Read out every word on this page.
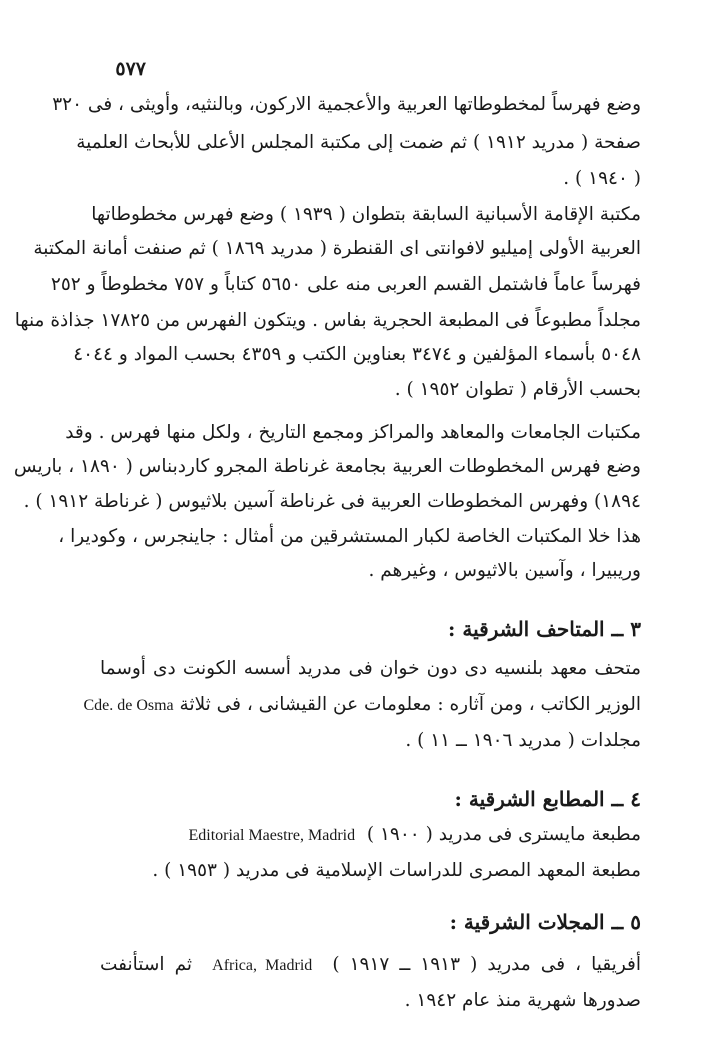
٥٧٧
وضع فهرساً لمخطوطاتها العربية والأعجمية الاركون، وبالنثيه، وأويثى ، فى ٣٢٠
صفحة ( مدريد ١٩١٢ ) ثم ضمت إلى مكتبة المجلس الأعلى للأبحاث العلمية
( ١٩٤٠ ) .
مكتبة الإقامة الأسبانية السابقة بتطوان ( ١٩٣٩ ) وضع فهرس مخطوطاتها
العربية الأولى إميليو لافوانتى اى القنطرة ( مدريد ١٨٦٩ ) ثم صنفت أمانة المكتبة
فهرساً عاماً فاشتمل القسم العربى منه على ٥٦٥٠ كتاباً و ٧٥٧ مخطوطاً و ٢٥٢
مجلداً مطبوعاً فى المطبعة الحجرية بفاس . ويتكون الفهرس من ١٧٨٢٥ جذاذة منها
٥٠٤٨ بأسماء المؤلفين و ٣٤٧٤ بعناوين الكتب و ٤٣٥٩ بحسب المواد و ٤٠٤٤
بحسب الأرقام ( تطوان ١٩٥٢ ) .
مكتبات الجامعات والمعاهد والمراكز ومجمع التاريخ ، ولكل منها فهرس . وقد
وضع فهرس المخطوطات العربية بجامعة غرناطة المجرو كاردبناس ( ١٨٩٠ ، باريس
١٨٩٤) وفهرس المخطوطات العربية فى غرناطة آسين بلاثيوس ( غرناطة ١٩١٢ ) .
هذا خلا المكتبات الخاصة لكبار المستشرقين من أمثال : جاينجرس ، وكوديرا ،
وريبيرا ، وآسين بالاثيوس ، وغيرهم .
٣ ــ المتاحف الشرقية :
متحف معهد بلنسيه دى دون خوان فى مدريد أسسه الكونت دى أوسما
الوزير الكاتب ، ومن آثاره : معلومات عن القيشانى ، فى ثلاثة Cde. de Osma
مجلدات ( مدريد ١٩٠٦ ــ ١١ ) .
٤ ــ المطابع الشرقية :
مطبعة مايسترى فى مدريد ( ١٩٠٠ )  Editorial Maestre, Madrid
مطبعة المعهد المصرى للدراسات الإسلامية فى مدريد ( ١٩٥٣ ) .
٥ ــ المجلات الشرقية :
أفريقيا ، فى مدريد ( ١٩١٣ ــ ١٩١٧ )  Africa, Madrid  ثم استأنفت
صدورها شهرية منذ عام ١٩٤٢ .
